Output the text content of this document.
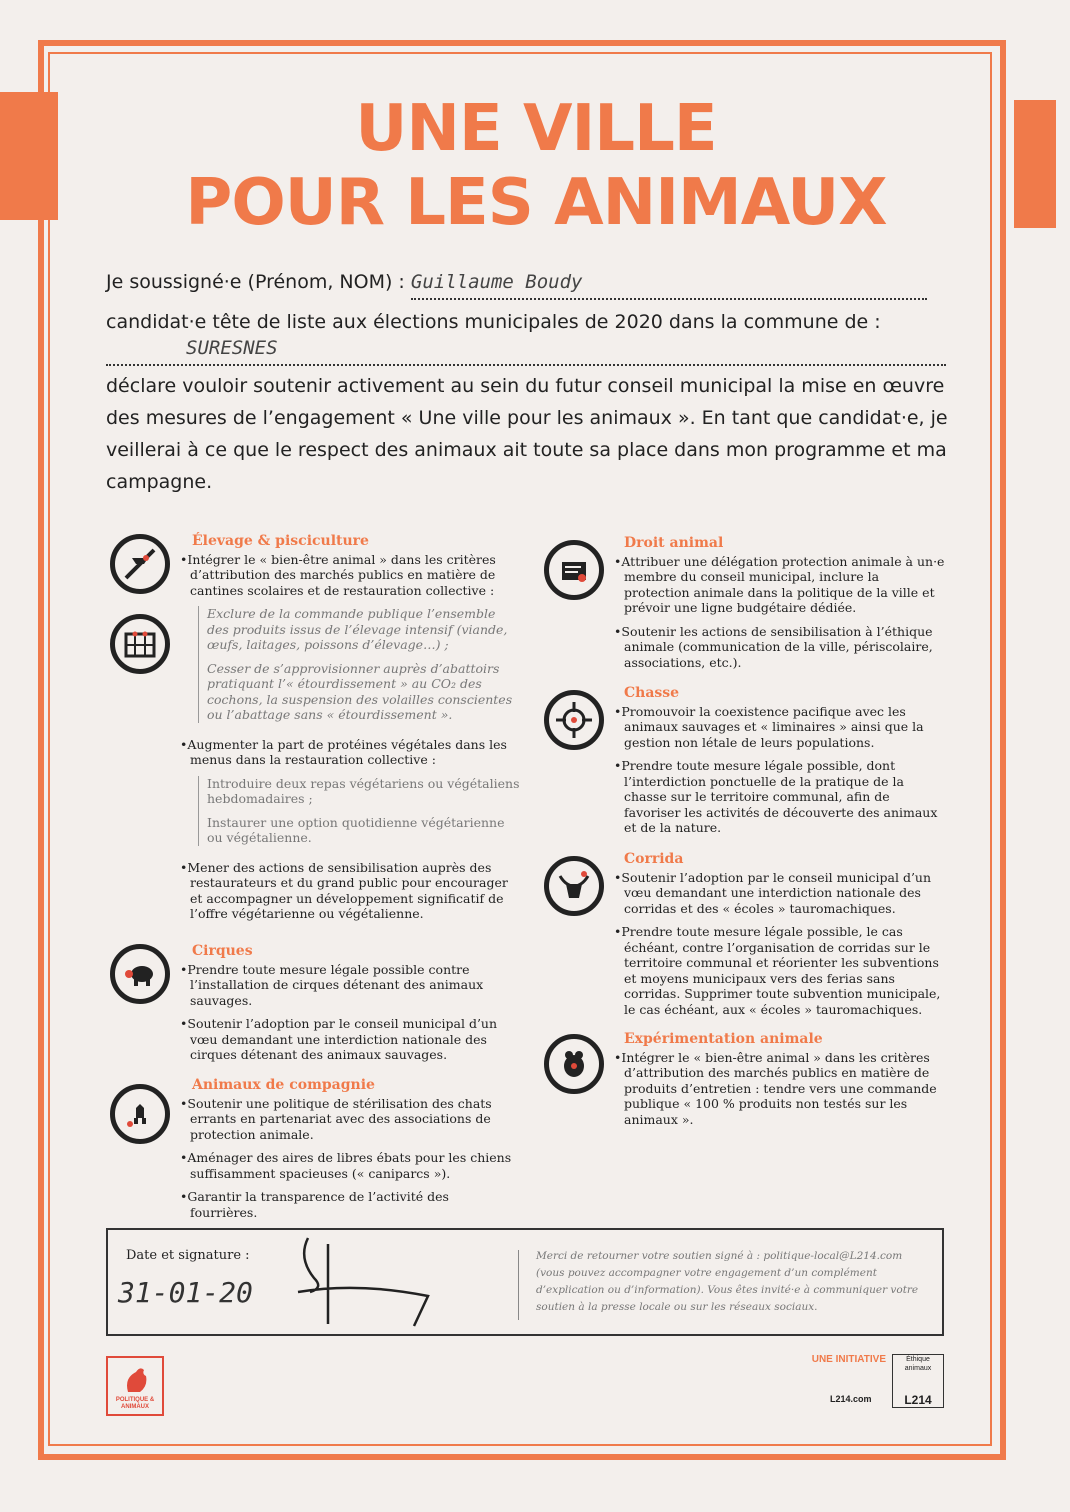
UNE VILLE
POUR LES ANIMAUX
Je soussigné·e (Prénom, NOM) : Guillaume Boudy
candidat·e tête de liste aux élections municipales de 2020 dans la commune de :
SURESNES
déclare vouloir soutenir activement au sein du futur conseil municipal la mise en œuvre des mesures de l’engagement « Une ville pour les animaux ». En tant que candidat·e, je veillerai à ce que le respect des animaux ait toute sa place dans mon programme et ma campagne.

Élevage & pisciculture

• Intégrer le « bien-être animal » dans les critères d’attribution des marchés publics en matière de cantines scolaires et de restauration collective :

Exclure de la commande publique l’ensemble des produits issus de l’élevage intensif (viande, œufs, laitages, poissons d’élevage…) ;

Cesser de s’approvisionner auprès d’abattoirs pratiquant l’« étourdissement » au CO₂ des cochons, la suspension des volailles conscientes ou l’abattage sans « étourdissement ».

• Augmenter la part de protéines végétales dans les menus dans la restauration collective :

Introduire deux repas végétariens ou végétaliens hebdomadaires ;

Instaurer une option quotidienne végétarienne ou végétalienne.

• Mener des actions de sensibilisation auprès des restaurateurs et du grand public pour encourager et accompagner un développement significatif de l’offre végétarienne ou végétalienne.

Cirques

• Prendre toute mesure légale possible contre l’installation de cirques détenant des animaux sauvages.

• Soutenir l’adoption par le conseil municipal d’un vœu demandant une interdiction nationale des cirques détenant des animaux sauvages.

Animaux de compagnie

• Soutenir une politique de stérilisation des chats errants en partenariat avec des associations de protection animale.

• Aménager des aires de libres ébats pour les chiens suffisamment spacieuses (« caniparcs »).

• Garantir la transparence de l’activité des fourrières.

Droit animal

• Attribuer une délégation protection animale à un·e membre du conseil municipal, inclure la protection animale dans la politique de la ville et prévoir une ligne budgétaire dédiée.

• Soutenir les actions de sensibilisation à l’éthique animale (communication de la ville, périscolaire, associations, etc.).

Chasse

• Promouvoir la coexistence pacifique avec les animaux sauvages et « liminaires » ainsi que la gestion non létale de leurs populations.

• Prendre toute mesure légale possible, dont l’interdiction ponctuelle de la pratique de la chasse sur le territoire communal, afin de favoriser les activités de découverte des animaux et de la nature.

Corrida

• Soutenir l’adoption par le conseil municipal d’un vœu demandant une interdiction nationale des corridas et des « écoles » tauromachiques.

• Prendre toute mesure légale possible, le cas échéant, contre l’organisation de corridas sur le territoire communal et réorienter les subventions et moyens municipaux vers des ferias sans corridas. Supprimer toute subvention municipale, le cas échéant, aux « écoles » tauromachiques.

Expérimentation animale

• Intégrer le « bien-être animal » dans les critères d’attribution des marchés publics en matière de produits d’entretien : tendre vers une commande publique « 100 % produits non testés sur les animaux ».

Date et signature :
31-01-20
Merci de retourner votre soutien signé à : politique-local@L214.com (vous pouvez accompagner votre engagement d’un complément d’explication ou d’information). Vous êtes invité·e à communiquer votre soutien à la presse locale ou sur les réseaux sociaux.
POLITIQUE & ANIMAUX
UNE INITIATIVE
L214.com
Éthique animaux
L214
